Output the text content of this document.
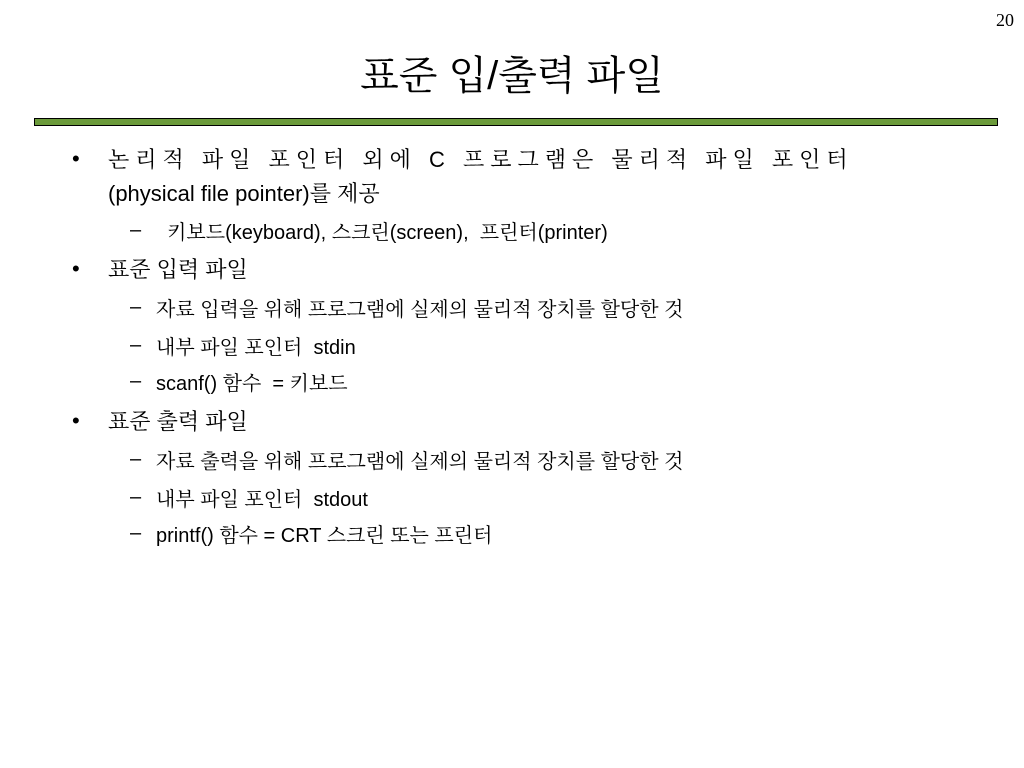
20
표준 입/출력 파일
• 논리적 파일 포인터 외에 C 프로그램은 물리적 파일 포인터
(physical file pointer)를 제공
– 키보드(keyboard), 스크린(screen),  프린터(printer)
• 표준 입력 파일
– 자료 입력을 위해 프로그램에 실제의 물리적 장치를 할당한 것
– 내부 파일 포인터  stdin
– scanf() 함수  = 키보드
• 표준 출력 파일
– 자료 출력을 위해 프로그램에 실제의 물리적 장치를 할당한 것
– 내부 파일 포인터  stdout
– printf() 함수 = CRT 스크린 또는 프린터
